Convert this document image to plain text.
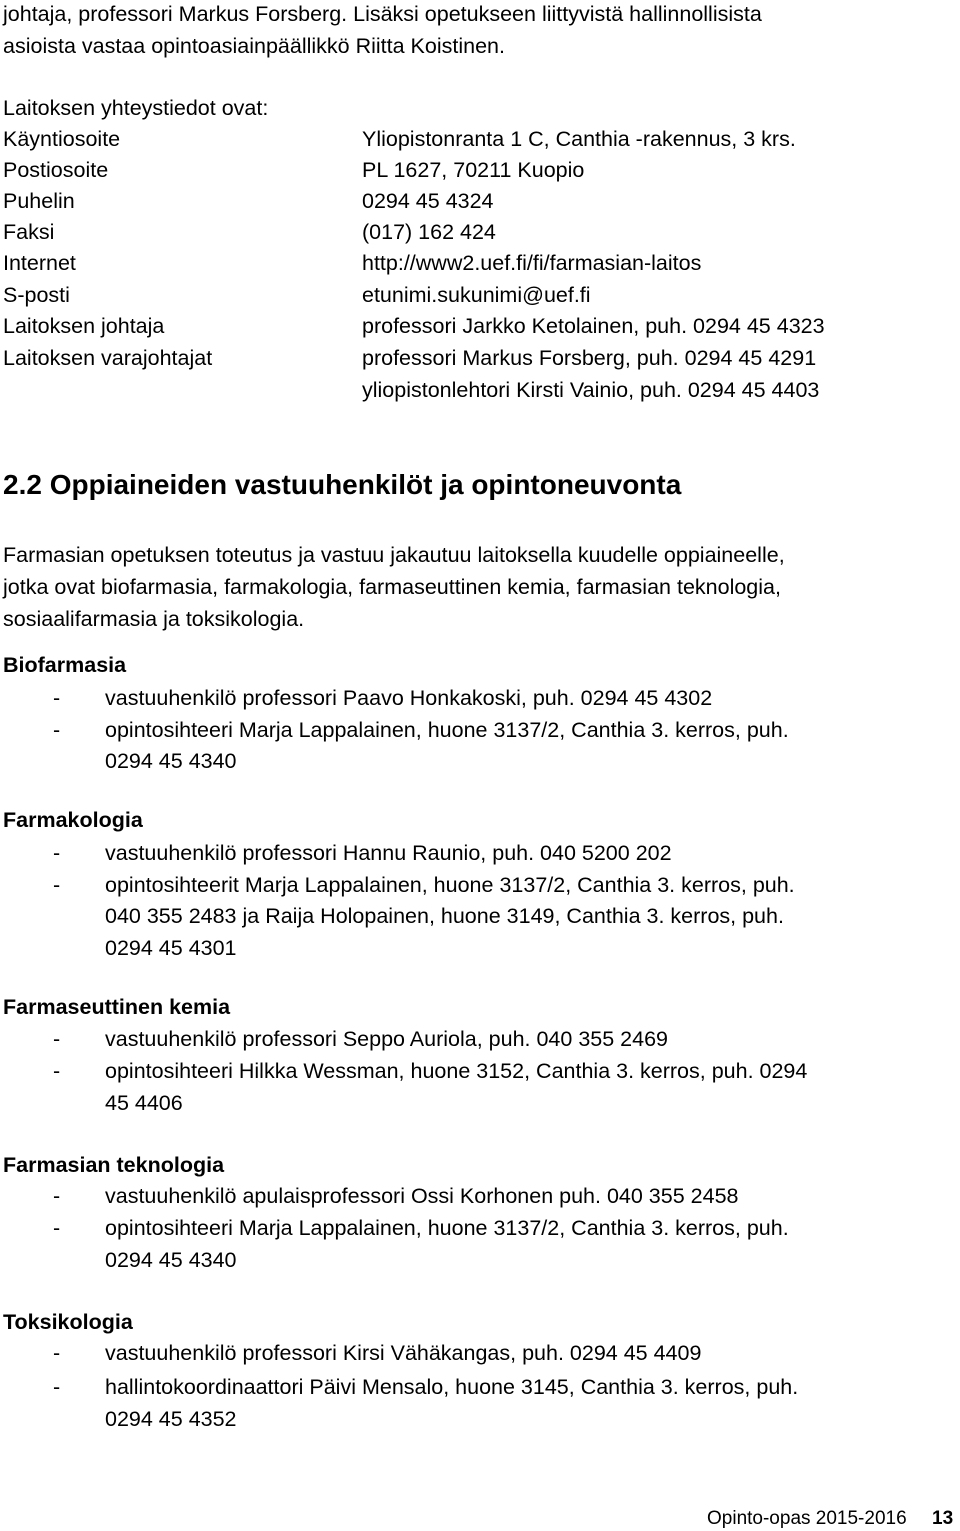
johtaja, professori Markus Forsberg. Lisäksi opetukseen liittyvistä hallinnollisista
asioista vastaa opintoasiainpäällikkö Riitta Koistinen.
Laitoksen yhteystiedot ovat:
Käyntiosoite	Yliopistonranta 1 C, Canthia -rakennus, 3 krs.
Postiosoite	PL 1627, 70211 Kuopio
Puhelin	0294 45 4324
Faksi	(017) 162 424
Internet	http://www2.uef.fi/fi/farmasian-laitos
S-posti	etunimi.sukunimi@uef.fi
Laitoksen johtaja	professori Jarkko Ketolainen, puh. 0294 45 4323
Laitoksen varajohtajat	professori Markus Forsberg, puh. 0294 45 4291
yliopistonlehtori Kirsti Vainio, puh. 0294 45 4403
2.2 Oppiaineiden vastuuhenkilöt ja opintoneuvonta
Farmasian opetuksen toteutus ja vastuu jakautuu laitoksella kuudelle oppiaineelle,
jotka ovat biofarmasia, farmakologia, farmaseuttinen kemia, farmasian teknologia,
sosiaalifarmasia ja toksikologia.
Biofarmasia
- vastuuhenkilö professori Paavo Honkakoski, puh. 0294 45 4302
- opintosihteeri Marja Lappalainen, huone 3137/2, Canthia 3. kerros, puh.
0294 45 4340
Farmakologia
- vastuuhenkilö professori Hannu Raunio, puh. 040 5200 202
- opintosihteerit Marja Lappalainen, huone 3137/2, Canthia 3. kerros, puh.
040 355 2483 ja Raija Holopainen, huone 3149, Canthia 3. kerros, puh.
0294 45 4301
Farmaseuttinen kemia
- vastuuhenkilö professori Seppo Auriola, puh. 040 355 2469
- opintosihteeri Hilkka Wessman, huone 3152, Canthia 3. kerros, puh. 0294
45 4406
Farmasian teknologia
- vastuuhenkilö apulaisprofessori Ossi Korhonen puh. 040 355 2458
- opintosihteeri Marja Lappalainen, huone 3137/2, Canthia 3. kerros, puh.
0294 45 4340
Toksikologia
- vastuuhenkilö professori Kirsi Vähäkangas, puh. 0294 45 4409
- hallintokoordinaattori Päivi Mensalo, huone 3145, Canthia 3. kerros, puh.
0294 45 4352
Opinto-opas 2015-2016 13
